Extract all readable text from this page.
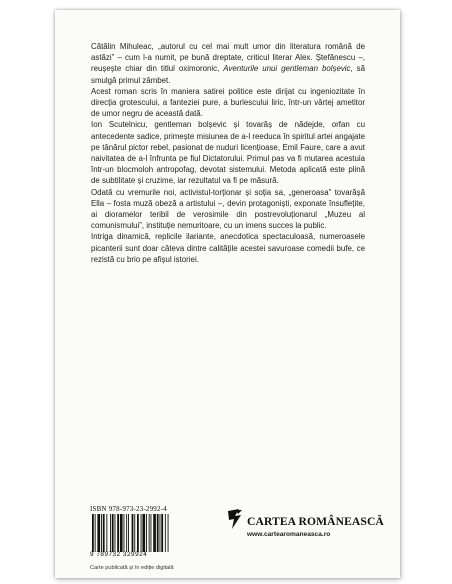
Cătălin Mihuleac, „autorul cu cel mai mult umor din literatura română de astăzi” – cum l-a numit, pe bună dreptate, criticul literar Alex. Ștefănescu –, reușește chiar din titlul oximoronic, Aventurile unui gentleman bolșevic, să smulgă primul zâmbet.

Acest roman scris în maniera satirei politice este dirijat cu ingeniozitate în direcția grotescului, a fanteziei pure, a burlescului liric, într-un vârtej ametitor de umor negru de această dată.

Ion Scutelnicu, gentleman bolșevic și tovarăș de nădejde, orfan cu antecedente sadice, primește misiunea de a-l reeduca în spiritul artei angajate pe tânărul pictor rebel, pasionat de nuduri licențioase, Emil Faure, care a avut naivitatea de a-l înfrunta pe fiul Dictatorului. Primul pas va fi mutarea acestuia într-un blocmoloh antropofag, devotat sistemului. Metoda aplicată este plină de subtilitate și cruzime, iar rezultatul va fi pe măsură.

Odată cu vremurile noi, activistul-torționar și soția sa, „generoasa” tovarășă Ella – fosta muză obeză a artistului –, devin protagoniști, exponate însuflețite, ai dioramelor teribil de verosimile din postrevoluționarul „Muzeu al comunismului”, instituție nemuritoare, cu un imens succes la public.

Intriga dinamică, replicile ilariante, anecdotica spectaculoasă, numeroasele picanterii sunt doar câteva dintre calitățile acestei savuroase comedii bufe, ce rezistă cu brio pe afișul istoriei.

ISBN 978-973-23-2992-4
9 789732 329924
Carte publicată și în ediție digitală
CARTEA ROMÂNEASCĂ
www.cartearomaneasca.ro
